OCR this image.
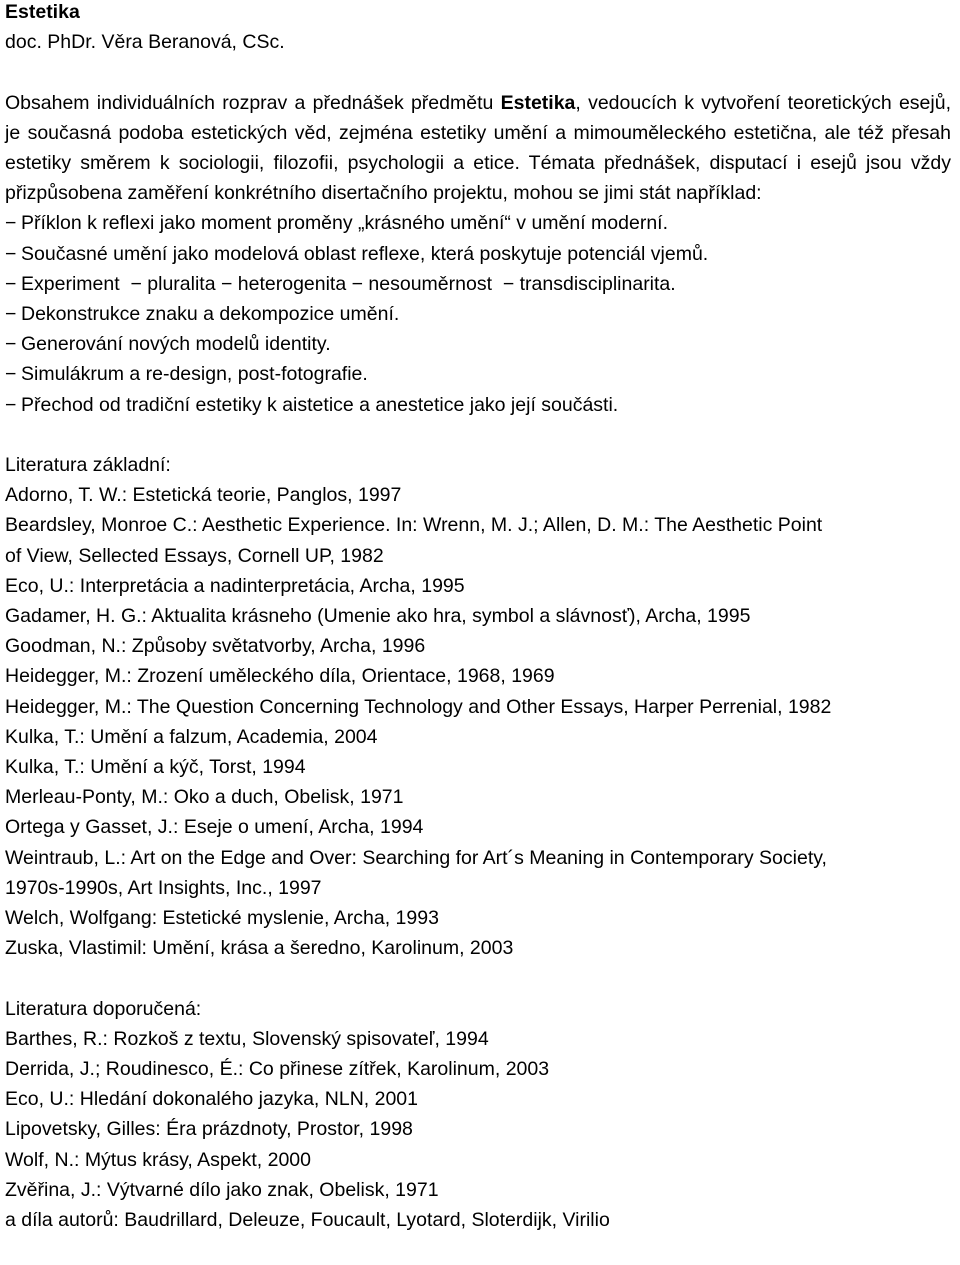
Estetika
doc. PhDr. Věra Beranová, CSc.
Obsahem individuálních rozprav a přednášek předmětu Estetika, vedoucích k vytvoření teoretických esejů, je současná podoba estetických věd, zejména estetiky umění a mimouměleckého estetična, ale též přesah estetiky směrem k sociologii, filozofii, psychologii a etice. Témata přednášek, disputací i esejů jsou vždy přizpůsobena zaměření konkrétního disertačního projektu, mohou se jimi stát například:
− Příklon k reflexi jako moment proměny „krásného umění“ v umění moderní.
− Současné umění jako modelová oblast reflexe, která poskytuje potenciál vjemů.
− Experiment  − pluralita − heterogenita − nesouměrnost  − transdisciplinarita.
− Dekonstrukce znaku a dekompozice umění.
− Generování nových modelů identity.
− Simulákrum a re-design, post-fotografie.
− Přechod od tradiční estetiky k aistetice a anestetice jako její součásti.
Literatura základní:
Adorno, T. W.: Estetická teorie, Panglos, 1997
Beardsley, Monroe C.: Aesthetic Experience. In: Wrenn, M. J.; Allen, D. M.: The Aesthetic Point
of View, Sellected Essays, Cornell UP, 1982
Eco, U.: Interpretácia a nadinterpretácia, Archa, 1995
Gadamer, H. G.: Aktualita krásneho (Umenie ako hra, symbol a slávnosť), Archa, 1995
Goodman, N.: Způsoby světatvorby, Archa, 1996
Heidegger, M.: Zrození uměleckého díla, Orientace, 1968, 1969
Heidegger, M.: The Question Concerning Technology and Other Essays, Harper Perrenial, 1982
Kulka, T.: Umění a falzum, Academia, 2004
Kulka, T.: Umění a kýč, Torst, 1994
Merleau-Ponty, M.: Oko a duch, Obelisk, 1971
Ortega y Gasset, J.: Eseje o umení, Archa, 1994
Weintraub, L.: Art on the Edge and Over: Searching for Art´s Meaning in Contemporary Society,
1970s-1990s, Art Insights, Inc., 1997
Welch, Wolfgang: Estetické myslenie, Archa, 1993
Zuska, Vlastimil: Umění, krása a šeredno, Karolinum, 2003
Literatura doporučená:
Barthes, R.: Rozkoš z textu, Slovenský spisovateľ, 1994
Derrida, J.; Roudinesco, É.: Co přinese zítřek, Karolinum, 2003
Eco, U.: Hledání dokonalého jazyka, NLN, 2001
Lipovetsky, Gilles: Éra prázdnoty, Prostor, 1998
Wolf, N.: Mýtus krásy, Aspekt, 2000
Zvěřina, J.: Výtvarné dílo jako znak, Obelisk, 1971
a díla autorů: Baudrillard, Deleuze, Foucault, Lyotard, Sloterdijk, Virilio
